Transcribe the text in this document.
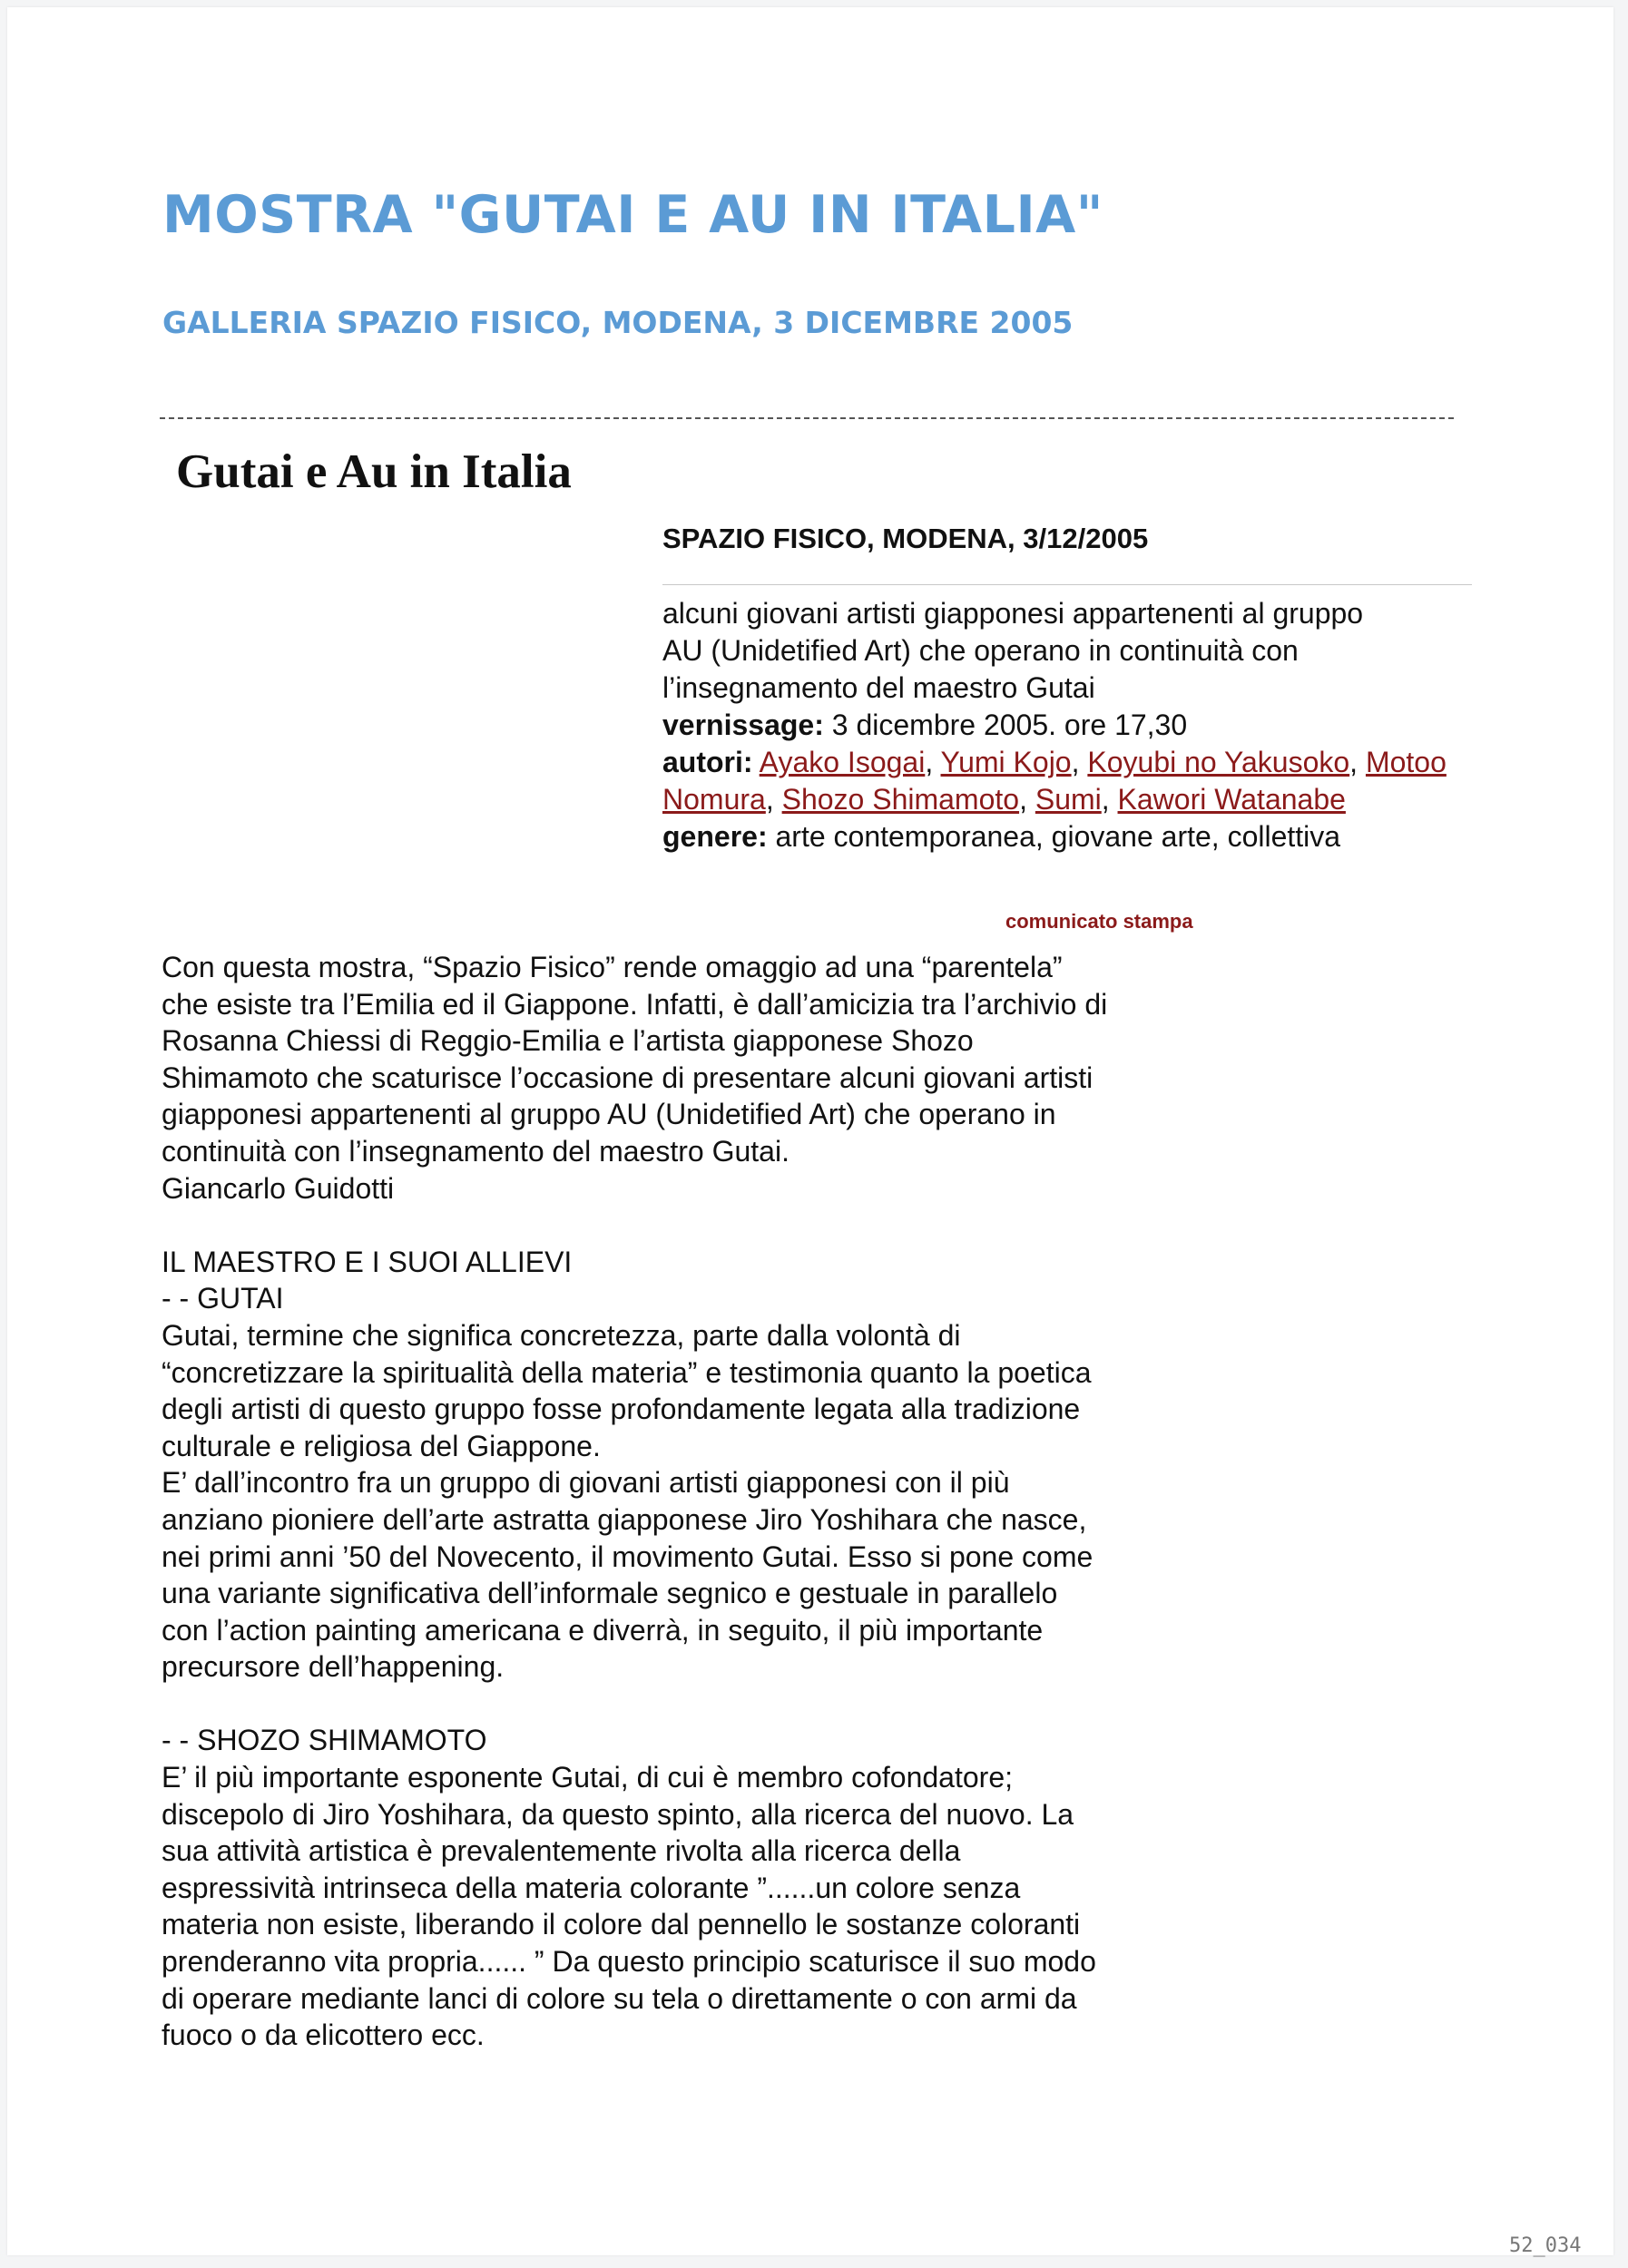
MOSTRA "GUTAI E AU IN ITALIA"
GALLERIA SPAZIO FISICO, MODENA, 3 DICEMBRE 2005
Gutai e Au in Italia
SPAZIO FISICO, MODENA, 3/12/2005

alcuni giovani artisti giapponesi appartenenti al gruppo

AU (Unidetified Art) che operano in continuità con

l’insegnamento del maestro Gutai

vernissage: 3 dicembre 2005. ore 17,30

autori: Ayako Isogai, Yumi Kojo, Koyubi no Yakusoko, Motoo Nomura, Shozo Shimamoto, Sumi, Kawori Watanabe

genere: arte contemporanea, giovane arte, collettiva

comunicato stampa

Con questa mostra, “Spazio Fisico” rende omaggio ad una “parentela”

che esiste tra l’Emilia ed il Giappone. Infatti, è dall’amicizia tra l’archivio di

Rosanna Chiessi di Reggio-Emilia e l’artista giapponese Shozo

Shimamoto che scaturisce l’occasione di presentare alcuni giovani artisti

giapponesi appartenenti al gruppo AU (Unidetified Art) che operano in

continuità con l’insegnamento del maestro Gutai.

Giancarlo Guidotti

IL MAESTRO E I SUOI ALLIEVI

- - GUTAI

Gutai, termine che significa concretezza, parte dalla volontà di

“concretizzare la spiritualità della materia” e testimonia quanto la poetica

degli artisti di questo gruppo fosse profondamente legata alla tradizione

culturale e religiosa del Giappone.

E’ dall’incontro fra un gruppo di giovani artisti giapponesi con il più

anziano pioniere dell’arte astratta giapponese Jiro Yoshihara che nasce,

nei primi anni ’50 del Novecento, il movimento Gutai. Esso si pone come

una variante significativa dell’informale segnico e gestuale in parallelo

con l’action painting americana e diverrà, in seguito, il più importante

precursore dell’happening.

- - SHOZO SHIMAMOTO

E’ il più importante esponente Gutai, di cui è membro cofondatore;

discepolo di Jiro Yoshihara, da questo spinto, alla ricerca del nuovo. La

sua attività artistica è prevalentemente rivolta alla ricerca della

espressività intrinseca della materia colorante ”......un colore senza

materia non esiste, liberando il colore dal pennello le sostanze coloranti

prenderanno vita propria...... ” Da questo principio scaturisce il suo modo

di operare mediante lanci di colore su tela o direttamente o con armi da

fuoco o da elicottero ecc.

52_034
